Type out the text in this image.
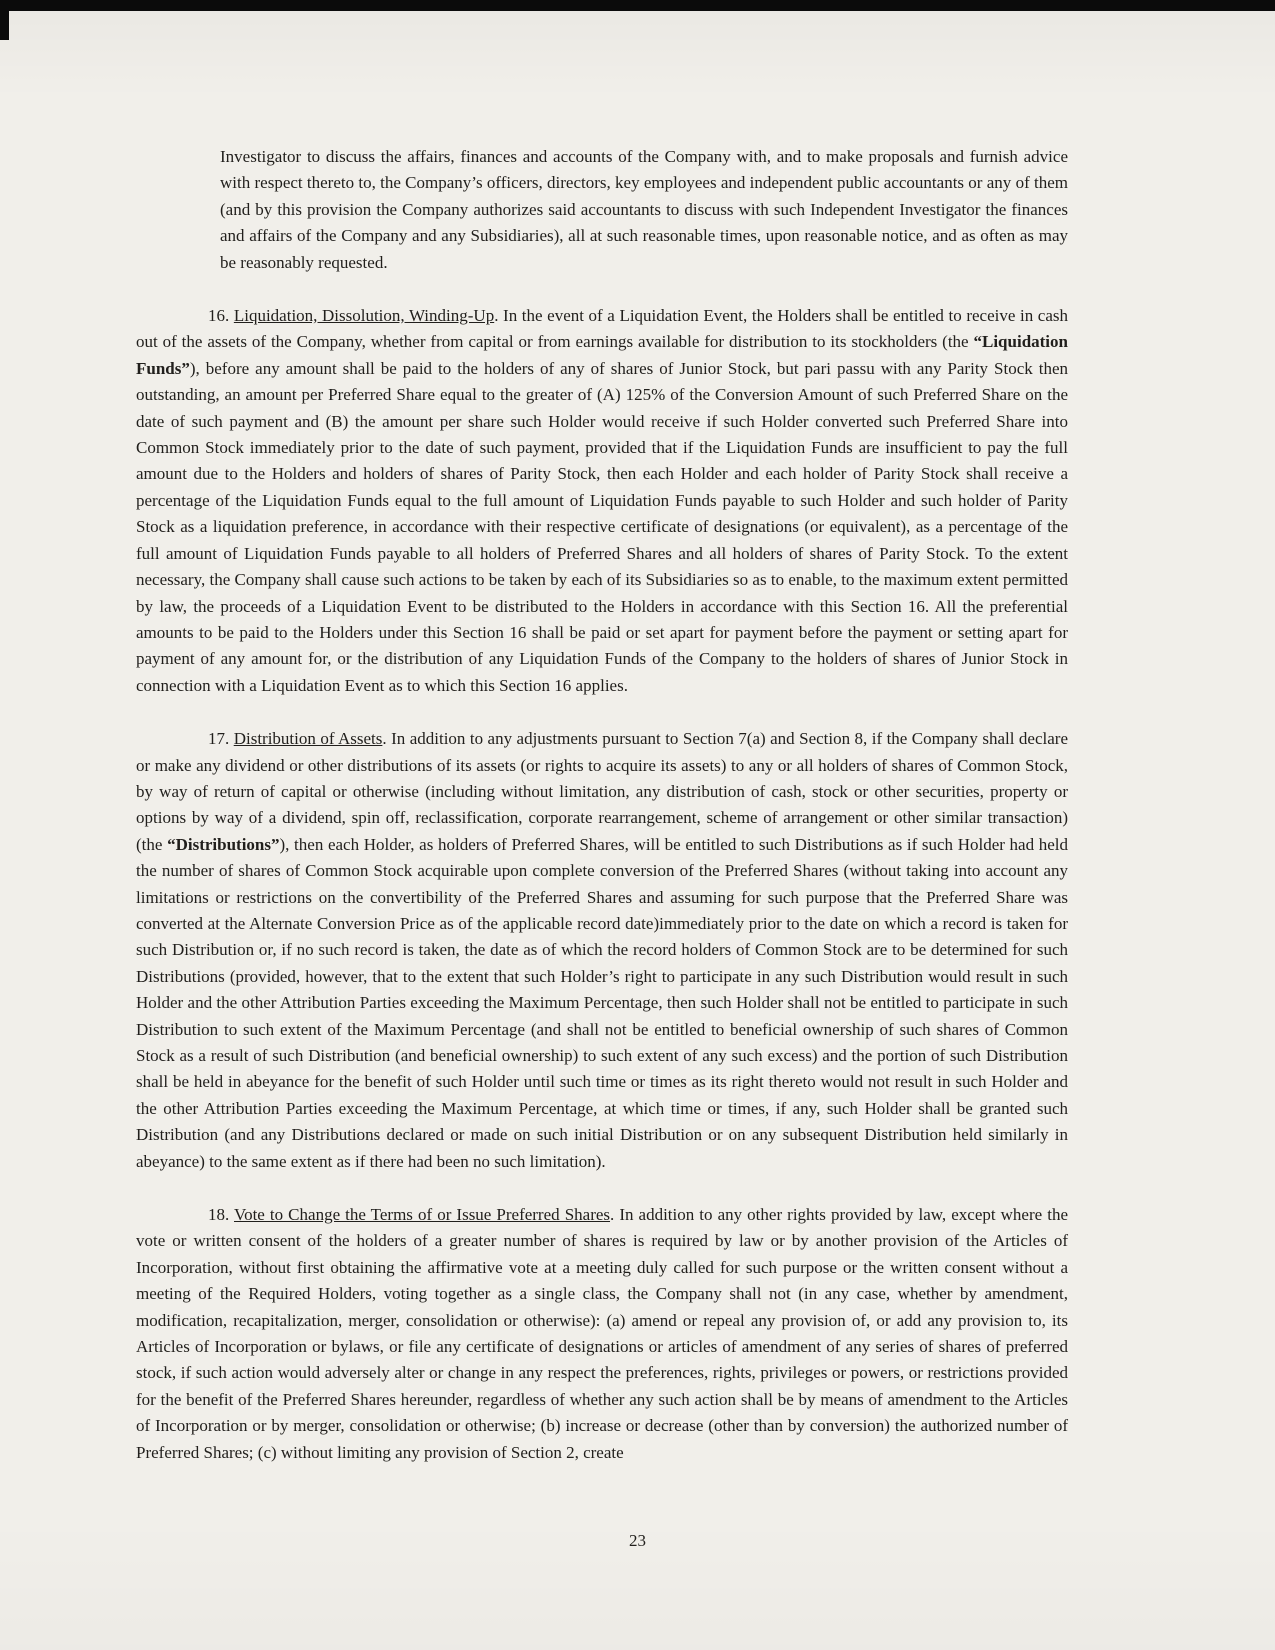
Investigator to discuss the affairs, finances and accounts of the Company with, and to make proposals and furnish advice with respect thereto to, the Company’s officers, directors, key employees and independent public accountants or any of them (and by this provision the Company authorizes said accountants to discuss with such Independent Investigator the finances and affairs of the Company and any Subsidiaries), all at such reasonable times, upon reasonable notice, and as often as may be reasonably requested.

16. Liquidation, Dissolution, Winding-Up. In the event of a Liquidation Event, the Holders shall be entitled to receive in cash out of the assets of the Company, whether from capital or from earnings available for distribution to its stockholders (the “Liquidation Funds”), before any amount shall be paid to the holders of any of shares of Junior Stock, but pari passu with any Parity Stock then outstanding, an amount per Preferred Share equal to the greater of (A) 125% of the Conversion Amount of such Preferred Share on the date of such payment and (B) the amount per share such Holder would receive if such Holder converted such Preferred Share into Common Stock immediately prior to the date of such payment, provided that if the Liquidation Funds are insufficient to pay the full amount due to the Holders and holders of shares of Parity Stock, then each Holder and each holder of Parity Stock shall receive a percentage of the Liquidation Funds equal to the full amount of Liquidation Funds payable to such Holder and such holder of Parity Stock as a liquidation preference, in accordance with their respective certificate of designations (or equivalent), as a percentage of the full amount of Liquidation Funds payable to all holders of Preferred Shares and all holders of shares of Parity Stock. To the extent necessary, the Company shall cause such actions to be taken by each of its Subsidiaries so as to enable, to the maximum extent permitted by law, the proceeds of a Liquidation Event to be distributed to the Holders in accordance with this Section 16. All the preferential amounts to be paid to the Holders under this Section 16 shall be paid or set apart for payment before the payment or setting apart for payment of any amount for, or the distribution of any Liquidation Funds of the Company to the holders of shares of Junior Stock in connection with a Liquidation Event as to which this Section 16 applies.

17. Distribution of Assets. In addition to any adjustments pursuant to Section 7(a) and Section 8, if the Company shall declare or make any dividend or other distributions of its assets (or rights to acquire its assets) to any or all holders of shares of Common Stock, by way of return of capital or otherwise (including without limitation, any distribution of cash, stock or other securities, property or options by way of a dividend, spin off, reclassification, corporate rearrangement, scheme of arrangement or other similar transaction) (the “Distributions”), then each Holder, as holders of Preferred Shares, will be entitled to such Distributions as if such Holder had held the number of shares of Common Stock acquirable upon complete conversion of the Preferred Shares (without taking into account any limitations or restrictions on the convertibility of the Preferred Shares and assuming for such purpose that the Preferred Share was converted at the Alternate Conversion Price as of the applicable record date)immediately prior to the date on which a record is taken for such Distribution or, if no such record is taken, the date as of which the record holders of Common Stock are to be determined for such Distributions (provided, however, that to the extent that such Holder’s right to participate in any such Distribution would result in such Holder and the other Attribution Parties exceeding the Maximum Percentage, then such Holder shall not be entitled to participate in such Distribution to such extent of the Maximum Percentage (and shall not be entitled to beneficial ownership of such shares of Common Stock as a result of such Distribution (and beneficial ownership) to such extent of any such excess) and the portion of such Distribution shall be held in abeyance for the benefit of such Holder until such time or times as its right thereto would not result in such Holder and the other Attribution Parties exceeding the Maximum Percentage, at which time or times, if any, such Holder shall be granted such Distribution (and any Distributions declared or made on such initial Distribution or on any subsequent Distribution held similarly in abeyance) to the same extent as if there had been no such limitation).

18. Vote to Change the Terms of or Issue Preferred Shares. In addition to any other rights provided by law, except where the vote or written consent of the holders of a greater number of shares is required by law or by another provision of the Articles of Incorporation, without first obtaining the affirmative vote at a meeting duly called for such purpose or the written consent without a meeting of the Required Holders, voting together as a single class, the Company shall not (in any case, whether by amendment, modification, recapitalization, merger, consolidation or otherwise): (a) amend or repeal any provision of, or add any provision to, its Articles of Incorporation or bylaws, or file any certificate of designations or articles of amendment of any series of shares of preferred stock, if such action would adversely alter or change in any respect the preferences, rights, privileges or powers, or restrictions provided for the benefit of the Preferred Shares hereunder, regardless of whether any such action shall be by means of amendment to the Articles of Incorporation or by merger, consolidation or otherwise; (b) increase or decrease (other than by conversion) the authorized number of Preferred Shares; (c) without limiting any provision of Section 2, create

23
